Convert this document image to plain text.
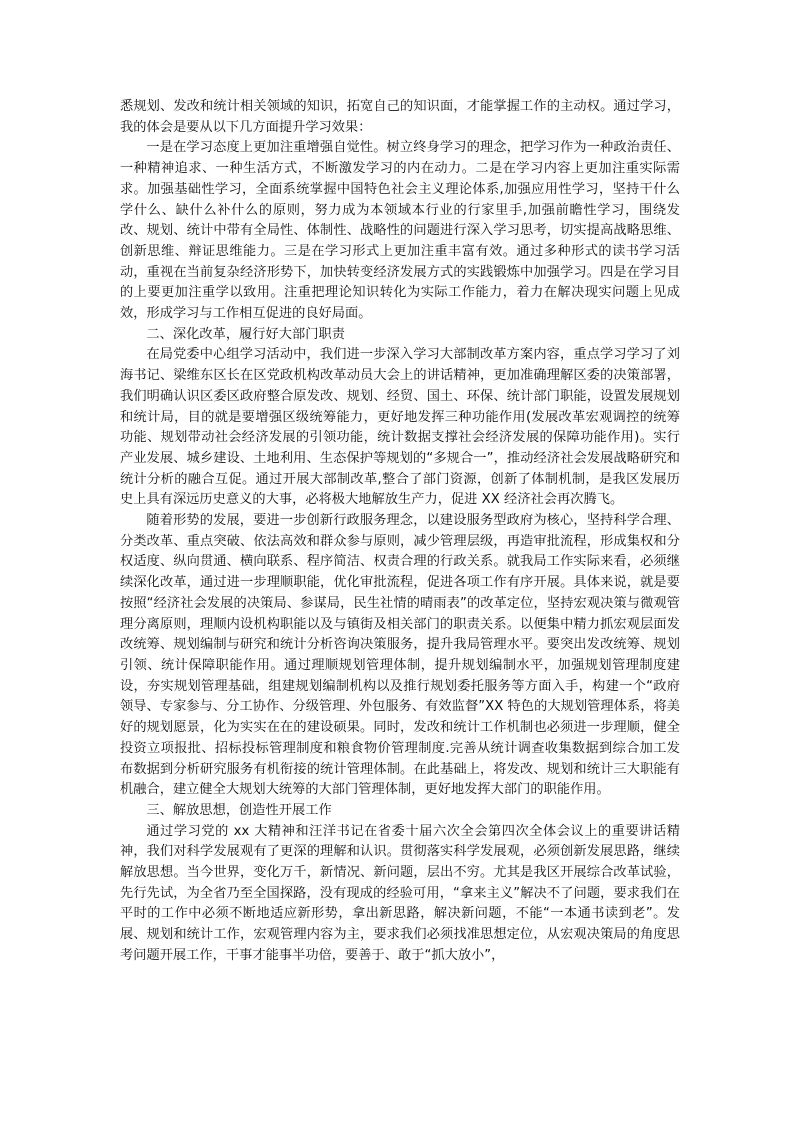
悉规划、发改和统计相关领域的知识，拓宽自己的知识面，才能掌握工作的主动权。通过学习，我的体会是要从以下几方面提升学习效果：

一是在学习态度上更加注重增强自觉性。树立终身学习的理念，把学习作为一种政治责任、一种精神追求、一种生活方式，不断激发学习的内在动力。二是在学习内容上更加注重实际需求。加强基础性学习，全面系统掌握中国特色社会主义理论体系,加强应用性学习，坚持干什么学什么、缺什么补什么的原则，努力成为本领域本行业的行家里手,加强前瞻性学习，围绕发改、规划、统计中带有全局性、体制性、战略性的问题进行深入学习思考，切实提高战略思维、创新思维、辩证思维能力。三是在学习形式上更加注重丰富有效。通过多种形式的读书学习活动，重视在当前复杂经济形势下，加快转变经济发展方式的实践锻炼中加强学习。四是在学习目的上要更加注重学以致用。注重把理论知识转化为实际工作能力，着力在解决现实问题上见成效，形成学习与工作相互促进的良好局面。

二、深化改革，履行好大部门职责

在局党委中心组学习活动中，我们进一步深入学习大部制改革方案内容，重点学习学习了刘海书记、梁维东区长在区党政机构改革动员大会上的讲话精神，更加准确理解区委的决策部署，我们明确认识区委区政府整合原发改、规划、经贸、国土、环保、统计部门职能，设置发展规划和统计局，目的就是要增强区级统筹能力，更好地发挥三种功能作用(发展改革宏观调控的统筹功能、规划带动社会经济发展的引领功能，统计数据支撑社会经济发展的保障功能作用)。实行产业发展、城乡建设、土地利用、生态保护等规划的“多规合一”，推动经济社会发展战略研究和统计分析的融合互促。通过开展大部制改革,整合了部门资源，创新了体制机制，是我区发展历史上具有深远历史意义的大事，必将极大地解放生产力，促进 XX 经济社会再次腾飞。

随着形势的发展，要进一步创新行政服务理念，以建设服务型政府为核心，坚持科学合理、分类改革、重点突破、依法高效和群众参与原则，减少管理层级，再造审批流程，形成集权和分权适度、纵向贯通、横向联系、程序简洁、权责合理的行政关系。就我局工作实际来看，必须继续深化改革，通过进一步理顺职能，优化审批流程，促进各项工作有序开展。具体来说，就是要按照“经济社会发展的决策局、参谋局，民生社情的晴雨表”的改革定位，坚持宏观决策与微观管理分离原则，理顺内设机构职能以及与镇街及相关部门的职责关系。以便集中精力抓宏观层面发改统筹、规划编制与研究和统计分析咨询决策服务，提升我局管理水平。要突出发改统筹、规划引领、统计保障职能作用。通过理顺规划管理体制，提升规划编制水平，加强规划管理制度建设，夯实规划管理基础，组建规划编制机构以及推行规划委托服务等方面入手，构建一个“政府领导、专家参与、分工协作、分级管理、外包服务、有效监督”XX 特色的大规划管理体系，将美好的规划愿景，化为实实在在的建设硕果。同时，发改和统计工作机制也必须进一步理顺，健全投资立项报批、招标投标管理制度和粮食物价管理制度.完善从统计调查收集数据到综合加工发布数据到分析研究服务有机衔接的统计管理体制。在此基础上，将发改、规划和统计三大职能有机融合，建立健全大规划大统筹的大部门管理体制，更好地发挥大部门的职能作用。

三、解放思想，创造性开展工作

通过学习党的 xx 大精神和汪洋书记在省委十届六次全会第四次全体会议上的重要讲话精神，我们对科学发展观有了更深的理解和认识。贯彻落实科学发展观，必须创新发展思路，继续解放思想。当今世界，变化万千，新情况、新问题，层出不穷。尤其是我区开展综合改革试验，先行先试，为全省乃至全国探路，没有现成的经验可用，“拿来主义”解决不了问题，要求我们在平时的工作中必须不断地适应新形势，拿出新思路，解决新问题，不能“一本通书读到老”。发展、规划和统计工作，宏观管理内容为主，要求我们必须找准思想定位，从宏观决策局的角度思考问题开展工作，干事才能事半功倍，要善于、敢于“抓大放小”，
